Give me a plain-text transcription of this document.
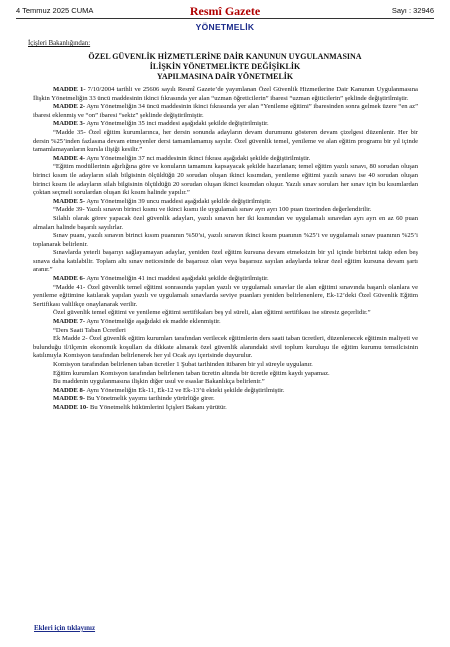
4 Temmuz 2025 CUMA	Resmî Gazete	Sayı : 32946
YÖNETMELİK
İçişleri Bakanlığından:
ÖZEL GÜVENLİK HİZMETLERİNE DAİR KANUNUN UYGULANMASINA
İLİŞKİN YÖNETMELİKTE DEĞİŞİKLİK
YAPILMASINA DAİR YÖNETMELİK

MADDE 1- 7/10/2004 tarihli ve 25606 sayılı Resmî Gazete’de yayımlanan Özel Güvenlik Hizmetlerine Dair Kanunun Uygulanmasına İlişkin Yönetmeliğin 33 üncü maddesinin ikinci fıkrasında yer alan “uzman öğreticilerin” ibaresi “uzman eğiticilerin” şeklinde değiştirilmiştir.

MADDE 2- Aynı Yönetmeliğin 34 üncü maddesinin ikinci fıkrasında yer alan “Yenileme eğitimi” ibaresinden sonra gelmek üzere “en az” ibaresi eklenmiş ve “on” ibaresi “sekiz” şeklinde değiştirilmiştir.

MADDE 3- Aynı Yönetmeliğin 35 inci maddesi aşağıdaki şekilde değiştirilmiştir.

“Madde 35- Özel eğitim kurumlarınca, her dersin sonunda adayların devam durumunu gösteren devam çizelgesi düzenlenir. Her bir dersin %25’inden fazlasına devam etmeyenler dersi tamamlamamış sayılır. Özel güvenlik temel, yenileme ve alan eğitim programı bir yıl içinde tamamlamayanların kursla ilişiği kesilir.”

MADDE 4- Aynı Yönetmeliğin 37 nci maddesinin ikinci fıkrası aşağıdaki şekilde değiştirilmiştir.

“Eğitim modüllerinin ağırlığına göre ve konuların tamamını kapsayacak şekilde hazırlanan; temel eğitim yazılı sınavı, 80 sorudan oluşan birinci kısım ile adayların silah bilgisinin ölçüldüğü 20 sorudan oluşan ikinci kısımdan, yenileme eğitimi yazılı sınavı ise 40 sorudan oluşan birinci kısım ile adayların silah bilgisinin ölçüldüğü 20 sorudan oluşan ikinci kısımdan oluşur. Yazılı sınav soruları her sınav için bu kısımlardan çoktan seçmeli sorulardan oluşan iki kısım halinde yapılır.”

MADDE 5- Aynı Yönetmeliğin 39 uncu maddesi aşağıdaki şekilde değiştirilmiştir.

“Madde 39- Yazılı sınavın birinci kısmı ve ikinci kısmı ile uygulamalı sınav ayrı ayrı 100 puan üzerinden değerlendirilir.

Silahlı olarak görev yapacak özel güvenlik adayları, yazılı sınavın her iki kısmından ve uygulamalı sınavdan ayrı ayrı en az 60 puan almaları halinde başarılı sayılırlar.

Sınav puanı, yazılı sınavın birinci kısım puanının %50’si, yazılı sınavın ikinci kısım puanının %25’i ve uygulamalı sınav puanının %25’i toplanarak belirlenir.

Sınavlarda yeterli başarıyı sağlayamayan adaylar, yeniden özel eğitim kursuna devam etmeksizin bir yıl içinde birbirini takip eden beş sınava daha katılabilir. Toplam altı sınav neticesinde de başarısız olan veya başarısız sayılan adaylarda tekrar özel eğitim kursuna devam şartı aranır.”

MADDE 6- Aynı Yönetmeliğin 41 inci maddesi aşağıdaki şekilde değiştirilmiştir.

“Madde 41- Özel güvenlik temel eğitimi sonrasında yapılan yazılı ve uygulamalı sınavlar ile alan eğitimi sınavında başarılı olanlara ve yenileme eğitimine katılarak yapılan yazılı ve uygulamalı sınavlarda seviye puanları yeniden belirlenenlere, Ek-12’deki Özel Güvenlik Eğitim Sertifikası valilikçe onaylanarak verilir.

Özel güvenlik temel eğitimi ve yenileme eğitimi sertifikaları beş yıl süreli, alan eğitimi sertifikası ise süresiz geçerlidir.”

MADDE 7- Aynı Yönetmeliğe aşağıdaki ek madde eklenmiştir.

“Ders Saati Taban Ücretleri

Ek Madde 2- Özel güvenlik eğitim kurumları tarafından verilecek eğitimlerin ders saati taban ücretleri, düzenlenecek eğitimin maliyeti ve bulunduğu il/ilçenin ekonomik koşulları da dikkate alınarak özel güvenlik alanındaki sivil toplum kuruluşu ile eğitim kurumu temsilcisinin katılımıyla Komisyon tarafından belirlenerek her yıl Ocak ayı içerisinde duyurulur.

Komisyon tarafından belirlenen taban ücretler 1 Şubat tarihinden itibaren bir yıl süreyle uygulanır.

Eğitim kurumları Komisyon tarafından belirlenen taban ücretin altında bir ücretle eğitim kaydı yapamaz.

Bu maddenin uygulanmasına ilişkin diğer usul ve esaslar Bakanlıkça belirlenir.”

MADDE 8- Aynı Yönetmeliğin Ek-11, Ek-12 ve Ek-13’ü ekteki şekilde değiştirilmiştir.

MADDE 9- Bu Yönetmelik yayımı tarihinde yürürlüğe girer.

MADDE 10- Bu Yönetmelik hükümlerini İçişleri Bakanı yürütür.

Ekleri için tıklayınız
